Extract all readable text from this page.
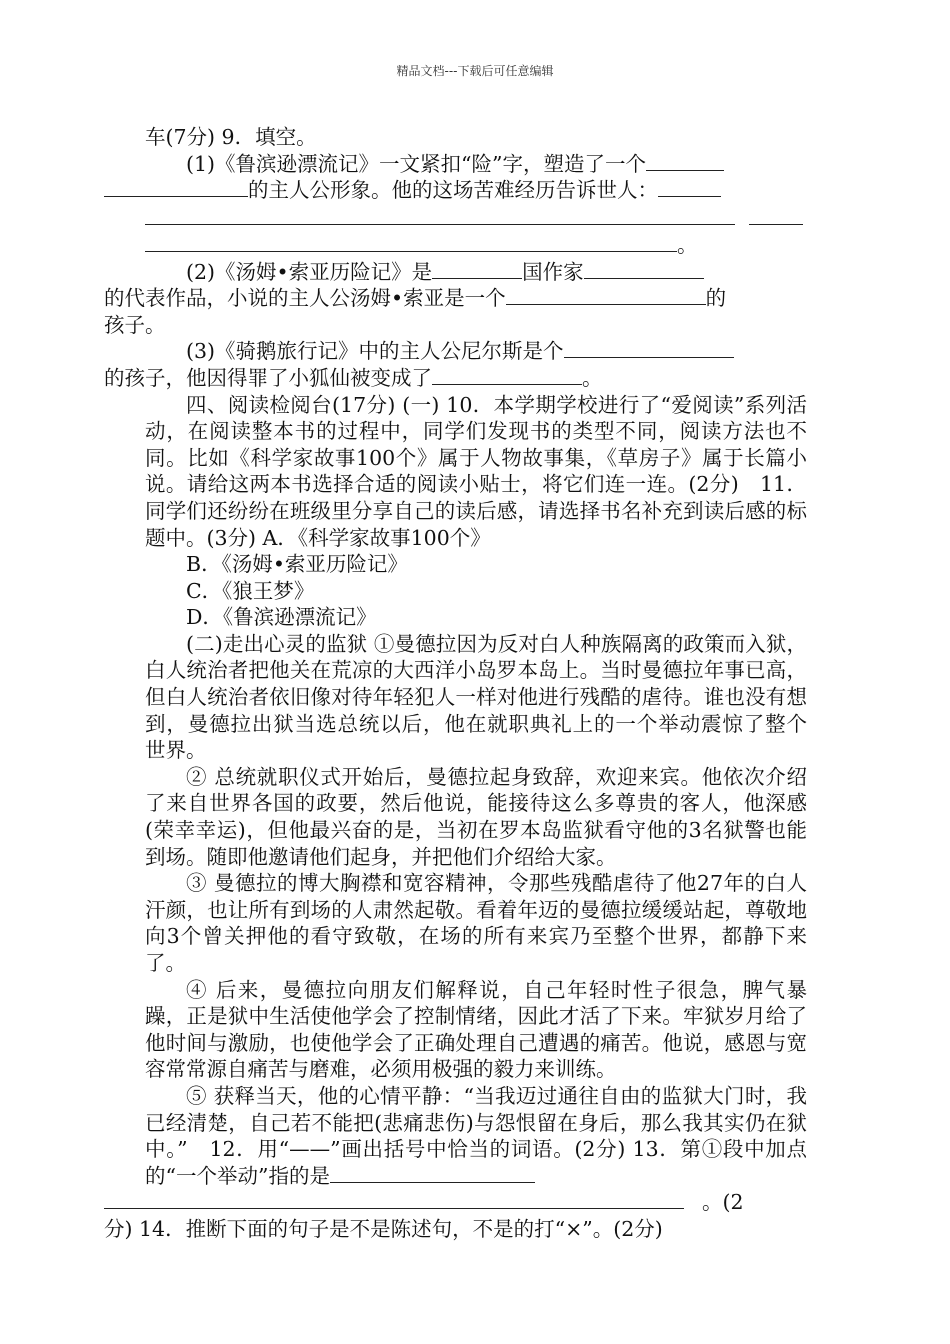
精品文档---下载后可任意编辑

车(7分) 9．填空。

(1)《鲁滨逊漂流记》一文紧扣“险”字，塑造了一个
的主人公形象。他的这场苦难经历告诉世人：

。

(2)《汤姆•索亚历险记》是	国作家
的代表作品，小说的主人公汤姆•索亚是一个	的
孩子。

(3)《骑鹅旅行记》中的主人公尼尔斯是个
的孩子，他因得罪了小狐仙被变成了	。

四、阅读检阅台(17分) (一) 10．本学期学校进行了“爱阅读”系列活动，在阅读整本书的过程中，同学们发现书的类型不同，阅读方法也不同。比如《科学家故事100个》属于人物故事集，《草房子》属于长篇小说。请给这两本书选择合适的阅读小贴士，将它们连一连。(2分)　11．同学们还纷纷在班级里分享自己的读后感，请选择书名补充到读后感的标题中。(3分) A．《科学家故事100个》

B．《汤姆•索亚历险记》

C．《狼王梦》

D．《鲁滨逊漂流记》

(二)走出心灵的监狱 ①曼德拉因为反对白人种族隔离的政策而入狱，白人统治者把他关在荒凉的大西洋小岛罗本岛上。当时曼德拉年事已高，但白人统治者依旧像对待年轻犯人一样对他进行残酷的虐待。谁也没有想到，曼德拉出狱当选总统以后，他在就职典礼上的一个举动震惊了整个 世界。

② 总统就职仪式开始后，曼德拉起身致辞，欢迎来宾。他依次介绍了来自世界各国的政要，然后他说，能接待这么多尊贵的客人，他深感(荣幸幸运)，但他最兴奋的是，当初在罗本岛监狱看守他的3名狱警也能到场。随即他邀请他们起身，并把他们介绍给大家。

③ 曼德拉的博大胸襟和宽容精神，令那些残酷虐待了他27年的白人汗颜，也让所有到场的人肃然起敬。看着年迈的曼德拉缓缓站起，尊敬地向3个曾关押他的看守致敬，在场的所有来宾乃至整个世界，都静下来了。

④ 后来，曼德拉向朋友们解释说，自己年轻时性子很急，脾气暴躁，正是狱中生活使他学会了控制情绪，因此才活了下来。牢狱岁月给了他时间与激励，也使他学会了正确处理自己遭遇的痛苦。他说，感恩与宽容常常源自痛苦与磨难，必须用极强的毅力来训练。

⑤ 获释当天，他的心情平静：“当我迈过通往自由的监狱大门时，我已经清楚，自己若不能把(悲痛悲伤)与怨恨留在身后，那么我其实仍在狱中。”　12．用“——”画出括号中恰当的词语。(2分) 13．第①段中加点的“一个举动”指的是
。(2
分) 14．推断下面的句子是不是陈述句，不是的打“×”。(2分)
